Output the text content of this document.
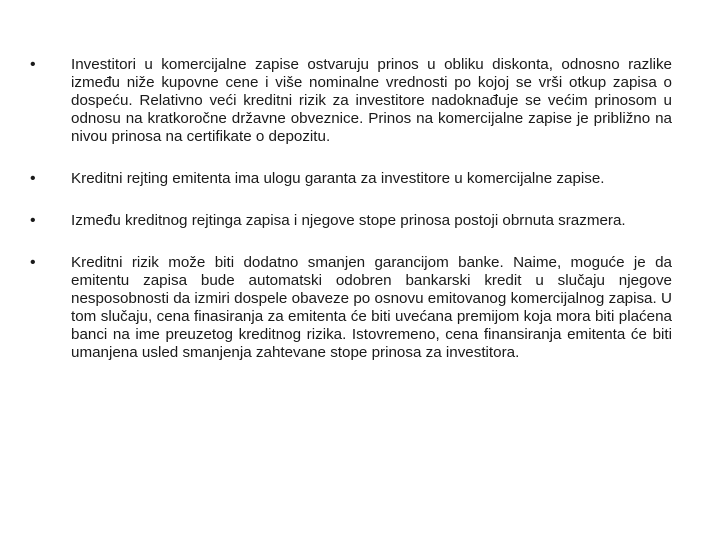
•	Investitori u komercijalne zapise ostvaruju prinos u obliku diskonta, odnosno razlike između niže kupovne cene i više nominalne vrednosti po kojoj se vrši otkup zapisa o dospeću. Relativno veći kreditni rizik za investitore nadoknađuje se većim prinosom u odnosu na kratkoročne državne obveznice. Prinos na komercijalne zapise je približno na nivou prinosa na certifikate o depozitu.
•	Kreditni rejting emitenta ima ulogu garanta za investitore u komercijalne zapise.
•	Između kreditnog rejtinga zapisa i njegove stope prinosa postoji obrnuta srazmera.
•	Kreditni rizik može biti dodatno smanjen garancijom banke. Naime, moguće je da emitentu zapisa bude automatski odobren bankarski kredit u slučaju njegove nesposobnosti da izmiri dospele obaveze po osnovu emitovanog komercijalnog zapisa. U tom slučaju, cena finasiranja za emitenta će biti uvećana premijom koja mora biti plaćena banci na ime preuzetog kreditnog rizika. Istovremeno, cena finansiranja emitenta će biti umanjena usled smanjenja zahtevane stope prinosa za investitora.
